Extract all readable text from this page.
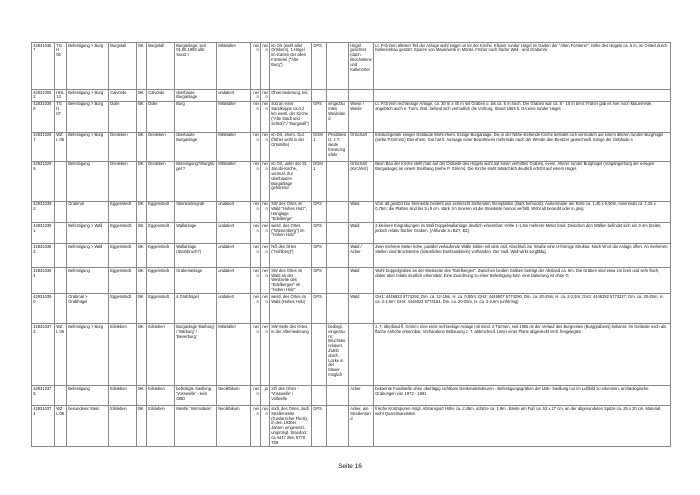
428310367	TGH 06	Befestigung > Burg	Burgstall	BK	Burgstall	Burganlage, seit 01.05.1959 ulbr Soutz !	Mittelalter	nein	nein	im Ort (wohl alter Ortskern), 1 Hügel im Garten der allen Försterei ("Alte Burg")	GPS		Hügel gerichtet (darin Bruchsteine und Kalkmörtel	Lt. P.Grimm ältester Teil der Anlage wohl Hügel un ter der Kirche. Kleiner runder Hügel im Garten der "Alten Försterei": Höhe des Hügels ca. 5 m, im Ostteil durch Kellereinbau gestört. Spuren von Mauerwerk in Mörtel. Früher noch flache Wall - und Grabenre
428310052	HDL 13	Befestigung > Burg	Calvörde	BK	Calvörde	überbaute Burganlage	undatiert	nein	nein	Ohrerniederung, teil.				
428310366	TGH 07	Befestigung > Burg	Dolle	BK	Dolle	Burg	Mittelalter	nein	nein	süd an einer Sandkuppe ca.0,2 km westl. der Kirche ("Alte Stadt und Schloß" / "Burgwall")	GPS	eingezäu mtes Weidelan d	Wiese / Weide	Lt. P.Grimm rechteckige Anlage, ca. 30 m x 40 m mit Graben u. bis ca. 5 m hoch, Der Graben war ca. 8 - 10 m breit. Früher gab es hier noch Mauerreste, angeblich auch e. Turm. Östl. befand sich vermutlich die Vorburg. Stand 1959 lt. OA eine runder Hügel,
428310297	WZL 05	Befestigung > Burg	Dreileben	BK	Dreileben	überbaute Burganlage	Mittelalter	nein	nein	im Ort, ehem. Gut (früher wohl in der Ortsmitte)	DGM1	Privatbesi tz, z.T. akute Einsturzg efahr	Ortschaft	Einsturzgefahr einiger Gebäude Wohl ehem. Eckige Burganlage. Die in der Nähe stehende Kirche befindet sich vermutlich auf einem älteren runden Burghügel (siehe P.Grimm!) Das ehem. Gut hat lt. Aussage einer Bewohnerin mehrmals nach der Wende den Besitzer gewechselt. Einige der Gebäude s
428310296		Befestigung	Dreileben	BK	Dreileben	Befestigung?/Burghügel ?	Mittelalter	nein	nein	im Ort, unter der St. Jacobi-Kirche, vermutl. Zur überbauten Burganlage gehörend	DGM1		Ortschaft (Kirchhof)	Beim Bau der Kirche stellt man auf der Ostseite des Hügels wohl auf einen verfüllten Graben, evenl. Älterer runder Burghügel (Vorgängerburg der eckigen Burganlage) an einem Steilhang (siehe P. Grimm). Die Kirche steht tatsächlich deutlich erhöht auf einem Hügel.
428310393		Grabmal	Eggenstedt	BK	Eggenstedt	Steinkistengrab	undatiert	nein	nein	SW des Ortes im Wald "Hohes Holz", Hanglage "Edelberge"	GPS		Wald	vmtl. alt gestört Die Steinkiste besteht aus senkrecht stehenden Steinplatten (stark bemoost). Außenmaße der Kiste ca. 1,40 x 0,90m, Innenmaß ca. 1,25 x 0,75m; die Platten sind bis zu 9 cm. stark. Im Inneren ist die Steinkiste humos verfüllt. Wohl alt beraubt oder in jüng
428310391		Befestigung > Wall	Eggenstedt	BK	Eggenstedt	Wallanlage	undatiert	nein	nein	westl. des Ortes ("Wüstenberg") im "Hohen Holz"	GPS		Wald	2 kleinere Eingrabungen im Wall Doppelwallanlage deutlich erkennbar; Höhe 1-1,5m mehrere Meter breit. Zwischen den Wällen befindet sich ein 3-4m breiter, jedoch relativ flacher Graben. (Altfunde zu BZ?, EZ)
428310382		Befestigung > Wall	Eggenstedt	BK	Eggenstedt	Wallanlage (Stambruch?)	undatiert	nein	nein	NÖ des Ortes ("Hohlberg")	GPS		Wald / Acker	Zwei mehrere Meter hohe, parallel verlaufende Wälle bilden mit dem östl. Abschluß zur Straße eine U-förmige Struktur. Nach W ist die Anlage offen. An mehreren Stellen sind Bruchsteine (bräunlicher Buntsandstein) vorhanden. Der südl. Wall wirkt sorgfältig
428310394		Befestigung	Eggenstedt	BK	Eggenstedt	Grabenanlage	undatiert	nein	nein	SW des Ortes im Wald an der Westseite des "Edelberges" im "Hohen Holz"	GPS		Wald	Wohl Doppelgraben an der Westseite des "Edelberges". Zwischen beiden Gräben beträgt der Abstand ca. 6m. Die Gräben sind etwa 1m breit und sehr flach, daher aber relativ deutlich erkennbar. Eine Zuordnung zu einer Befestigung bwz. eine Datierung ist ohne G
428310390		Grabmal > Grabhügel	Eggenstedt	BK	Eggenstedt	4 Grabhügel	undatiert	nein	nein	westl. des Ortes im Wald (Hohes Holz)	GPS		Wald	GH1: 4446623 5774292, Dm. ca. 12-15m, H. ca. 0,80m; GH2: 4446507 5774290, Dm. ca. 20-25m, H. ca. 2-2,5m; GH3: 4446392 5774227, Dm. ca. 20-25m, H. ca. 2-2,5m; GH4: 4446522 5774154, Dm. ca. 20-25m, H. ca. 2-2,5m (unförmig)
428310372	WZL 06	Befestigung > Burg	Eilsleben	BK	Eilsleben	Burganlage 'Barburg' / 'Bärburg' / 'Beverburg'	Mittelalter	nein	nein	SW-Seite des Ortes, in der Allerniederung		bedingt, eingezäu nt; Bruchstei nmauer, Zutritt durch Lücke in der Mauer möglich		z. T. überbaut fl. Grimm: eine einst rechteckige Anlage mit mind. 2 Türmen, seit 1955 ist der Verlauf des Burgrestes (Burggrabens) bekannt. Im Gelände noch als flache Anhöhe erkennbar. Vorhandene Bebauung z. T. abbruchreif. Unter einer Plane abgedeckt vmtl. freigelegtes
428310375		Befestigung	Eilsleben	BK	Eilsleben	befestigte Siedlung 'Vosswelle' - kein OBD	Neolithikum	nein	ja	SÖ des Ortes - 'Vosswelle' / Vollwelle			Acker	bekannte Fundstelle ohne obertägig sichtbare Denkmalstrukturen - Befestigungsgräben der LBK- Siedlung nur im Luftbild zu erkennen, archäologische Grabungen von 1973 - 1991
428310374	WZL 08	besonderer Stein	Eilsleben	BK	Eilsleben	Menhir 'Immnsäule'	Neolithikum	nein	nein	südl. des Ortes, südl. Straßenseite (Goslarscher Fleck), in den 1930er Jahren umgesetzt, ursprüngl. Standort : ca 4447 256, 5778 759	GPS		Acker, am Straßenran d	frische Kratzspuren mögl. Abtransport Höhe ca. 2,45m, schitze ca. 1,9m , Breite am Fuß ca. 53 x 27 cm, an der abgerundeten Spitze ca. 25 x 20 cm, Material wohl Quarzitsandstein
Seite 16
